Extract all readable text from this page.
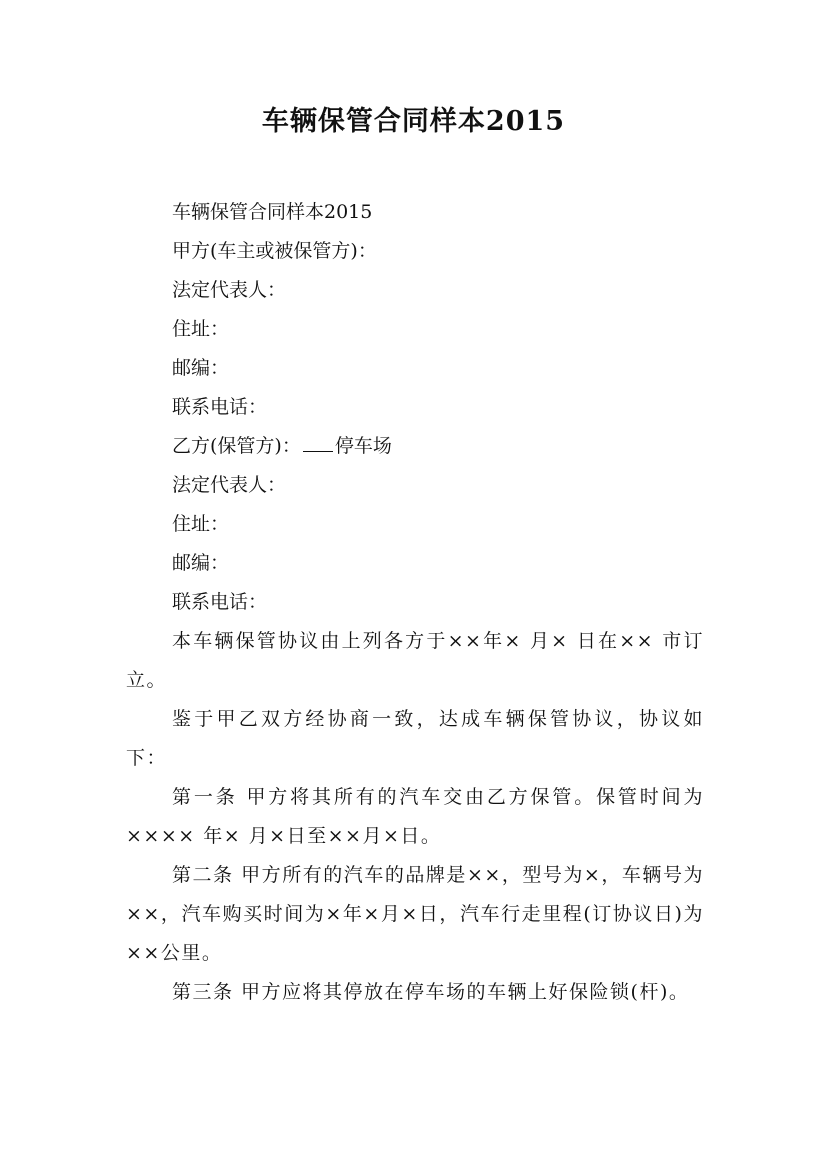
车辆保管合同样本2015

车辆保管合同样本2015

甲方(车主或被保管方)：

法定代表人：

住址：

邮编：

联系电话：

乙方(保管方)： 停车场

法定代表人：

住址：

邮编：

联系电话：

本车辆保管协议由上列各方于××年× 月× 日在×× 市订立。

鉴于甲乙双方经协商一致，达成车辆保管协议，协议如下：

第一条 甲方将其所有的汽车交由乙方保管。保管时间为×××× 年× 月×日至××月×日。

第二条 甲方所有的汽车的品牌是××，型号为×，车辆号为××，汽车购买时间为×年×月×日，汽车行走里程(订协议日)为××公里。

第三条 甲方应将其停放在停车场的车辆上好保险锁(杆)。
